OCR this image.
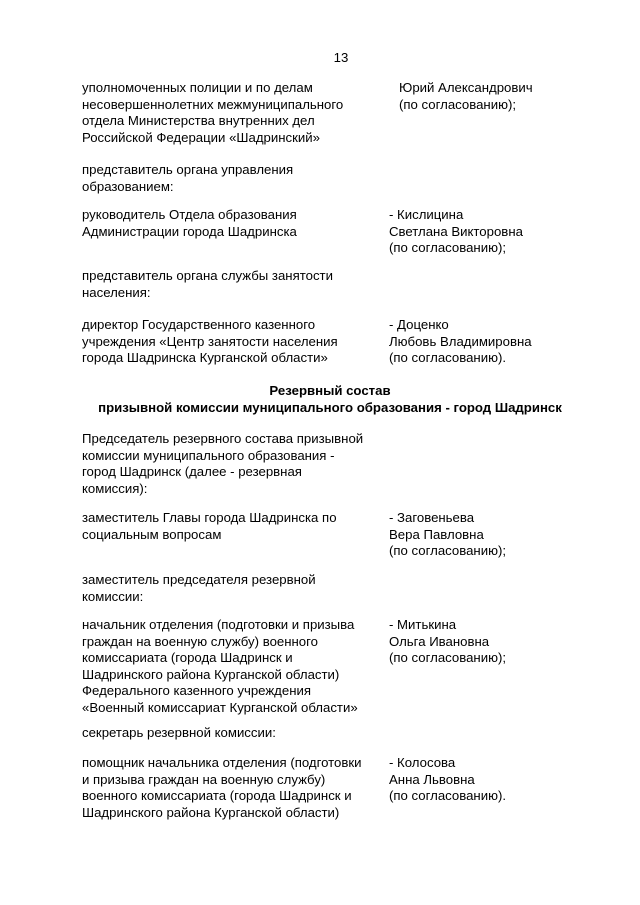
13
уполномоченных полиции и по делам
несовершеннолетних межмуниципального
отдела Министерства внутренних дел
Российской Федерации «Шадринский»
Юрий Александрович
(по согласованию);
представитель органа управления
образованием:
руководитель Отдела образования
Администрации города Шадринска
- Кислицина
Светлана Викторовна
(по согласованию);
представитель органа службы занятости
населения:
директор Государственного казенного
учреждения «Центр занятости населения
города Шадринска Курганской области»
- Доценко
Любовь Владимировна
(по согласованию).
Резервный состав
призывной комиссии муниципального образования - город Шадринск
Председатель резервного состава призывной
комиссии муниципального образования -
город Шадринск (далее - резервная
комиссия):
заместитель Главы города Шадринска по
социальным вопросам
- Заговеньева
Вера Павловна
(по согласованию);
заместитель председателя резервной
комиссии:
начальник отделения (подготовки и призыва
граждан на военную службу) военного
комиссариата (города Шадринск и
Шадринского района Курганской области)
Федерального казенного учреждения
«Военный комиссариат Курганской области»
- Митькина
Ольга Ивановна
(по согласованию);
секретарь резервной комиссии:
помощник начальника отделения (подготовки
и призыва граждан на военную службу)
военного комиссариата (города Шадринск и
Шадринского района Курганской области)
- Колосова
Анна Львовна
(по согласованию).
